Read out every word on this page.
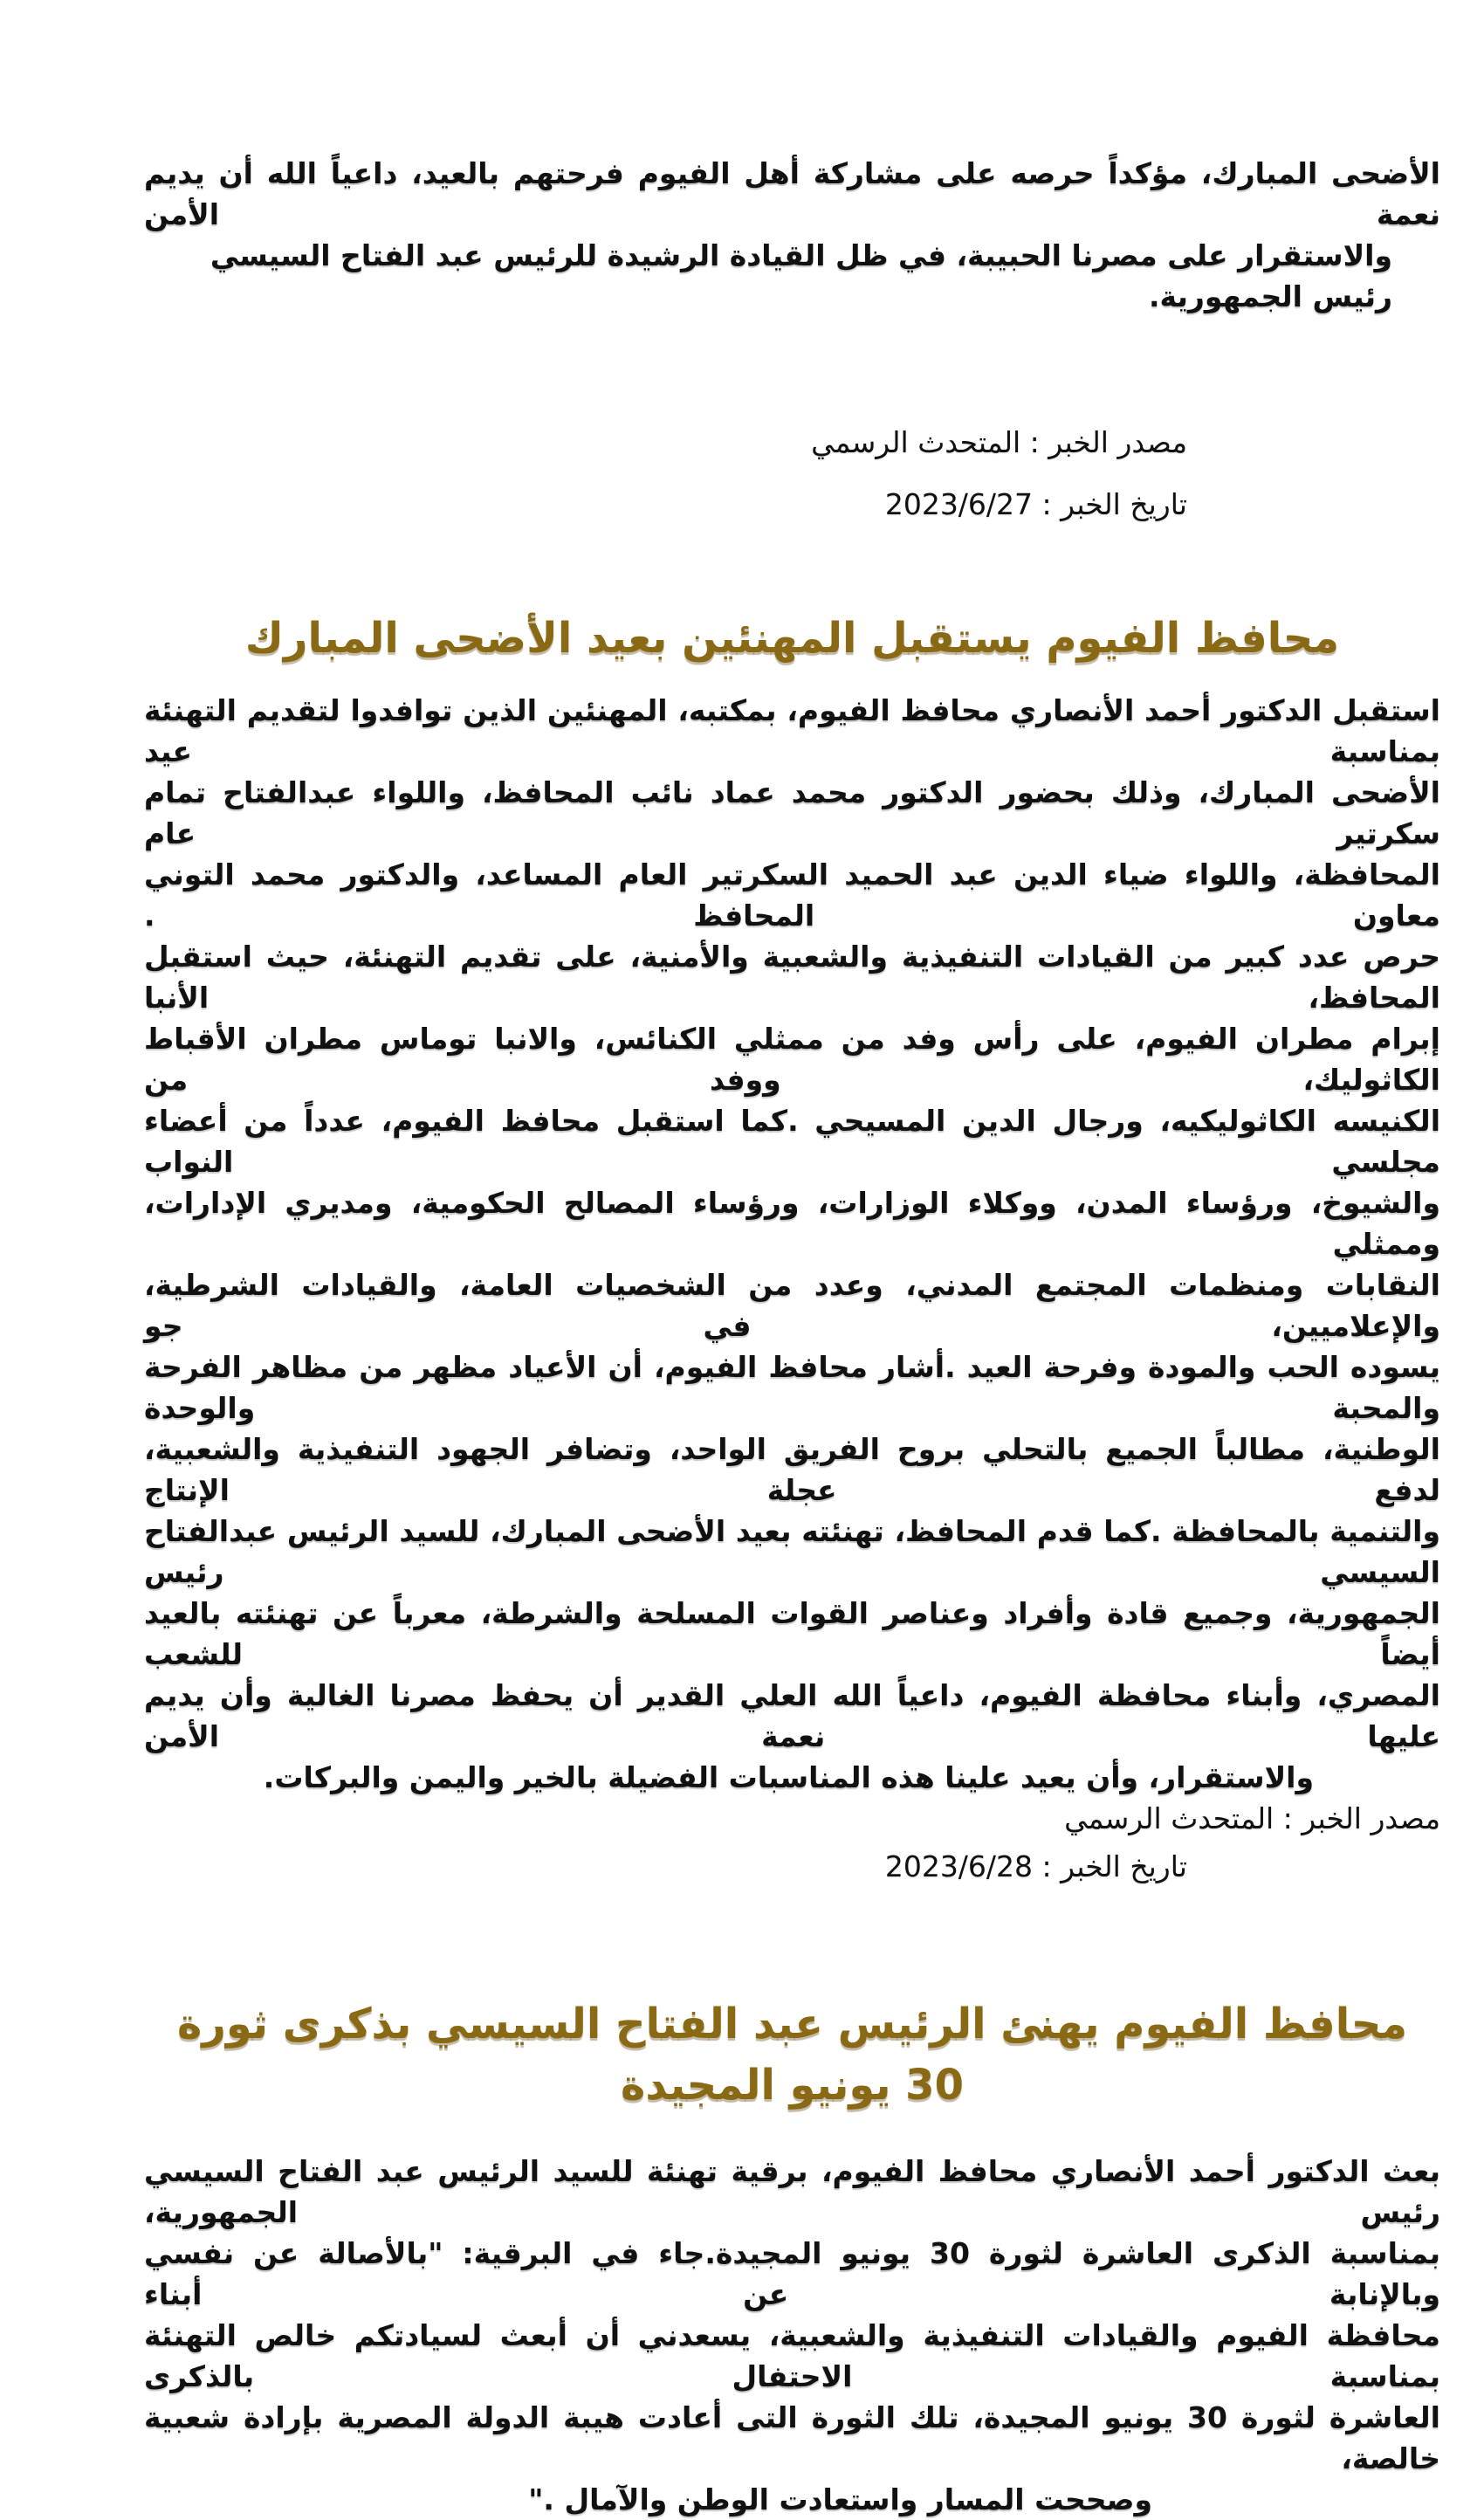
الأضحى المبارك، مؤكداً حرصه على مشاركة أهل الفيوم فرحتهم بالعيد، داعياً الله أن يديم نعمة الأمن
والاستقرار على مصرنا الحبيبة، في ظل القيادة الرشيدة للرئيس عبد الفتاح السيسي رئيس الجمهورية.
مصدر الخبر : المتحدث الرسمي
تاريخ الخبر : 2023/6/27
محافظ الفيوم يستقبل المهنئين بعيد الأضحى المبارك
استقبل الدكتور أحمد الأنصاري محافظ الفيوم، بمكتبه، المهنئين الذين توافدوا لتقديم التهنئة بمناسبة عيد
الأضحى المبارك، وذلك بحضور الدكتور محمد عماد نائب المحافظ، واللواء عبدالفتاح تمام سكرتير عام
المحافظة، واللواء ضياء الدين عبد الحميد السكرتير العام المساعد، والدكتور محمد التوني معاون المحافظ .
حرص عدد كبير من القيادات التنفيذية والشعبية والأمنية، على تقديم التهنئة، حيث استقبل المحافظ، الأنبا
إبرام مطران الفيوم، على رأس وفد من ممثلي الكنائس، والانبا توماس مطران الأقباط الكاثوليك، ووفد من
الكنيسه الكاثوليكيه، ورجال الدين المسيحي .كما استقبل محافظ الفيوم، عدداً من أعضاء مجلسي النواب
والشيوخ، ورؤساء المدن، ووكلاء الوزارات، ورؤساء المصالح الحكومية، ومديري الإدارات، وممثلي
النقابات ومنظمات المجتمع المدني، وعدد من الشخصيات العامة، والقيادات الشرطية، والإعلاميين، في جو
يسوده الحب والمودة وفرحة العيد .أشار محافظ الفيوم، أن الأعياد مظهر من مظاهر الفرحة والمحبة والوحدة
الوطنية، مطالباً الجميع بالتحلي بروح الفريق الواحد، وتضافر الجهود التنفيذية والشعبية، لدفع عجلة الإنتاج
والتنمية بالمحافظة .كما قدم المحافظ، تهنئته بعيد الأضحى المبارك، للسيد الرئيس عبدالفتاح السيسي رئيس
الجمهورية، وجميع قادة وأفراد وعناصر القوات المسلحة والشرطة، معرباً عن تهنئته بالعيد أيضاً للشعب
المصري، وأبناء محافظة الفيوم، داعياً الله العلي القدير أن يحفظ مصرنا الغالية وأن يديم عليها نعمة الأمن
والاستقرار، وأن يعيد علينا هذه المناسبات الفضيلة بالخير واليمن والبركات.
مصدر الخبر : المتحدث الرسمي
تاريخ الخبر : 2023/6/28
محافظ الفيوم يهنئ الرئيس عبد الفتاح السيسي بذكرى ثورة 30 يونيو المجيدة
بعث الدكتور أحمد الأنصاري محافظ الفيوم، برقية تهنئة للسيد الرئيس عبد الفتاح السيسي رئيس الجمهورية،
بمناسبة الذكرى العاشرة لثورة 30 يونيو المجيدة.جاء في البرقية: "بالأصالة عن نفسي وبالإنابة عن أبناء
محافظة الفيوم والقيادات التنفيذية والشعبية، يسعدني أن أبعث لسيادتكم خالص التهنئة بمناسبة الاحتفال بالذكرى
العاشرة لثورة 30 يونيو المجيدة، تلك الثورة التى أعادت هيبة الدولة المصرية بإرادة شعبية خالصة،
وصححت المسار واستعادت الوطن والآمال ."
